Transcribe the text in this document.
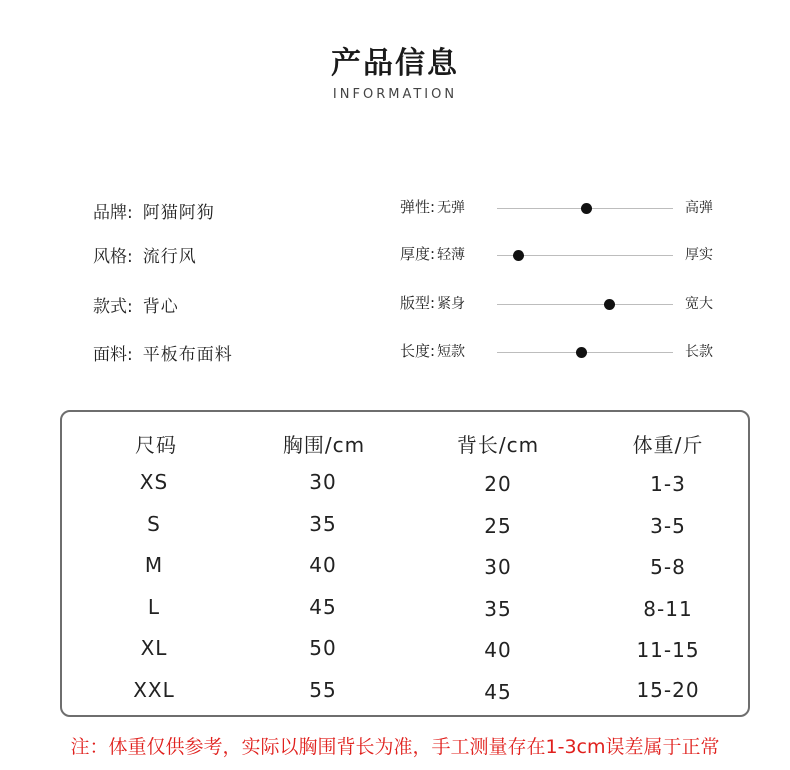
产品信息
INFORMATION
品牌: 阿猫阿狗
风格: 流行风
款式: 背心
面料: 平板布面料
弹性: 无弹	高弹
厚度: 轻薄	厚实
版型: 紧身	宽大
长度: 短款	长款
尺码	胸围/cm	背长/cm	体重/斤
XS	30	20	1-3
S	35	25	3-5
M	40	30	5-8
L	45	35	8-11
XL	50	40	11-15
XXL	55	45	15-20
注：体重仅供参考，实际以胸围背长为准，手工测量存在1-3cm误差属于正常
